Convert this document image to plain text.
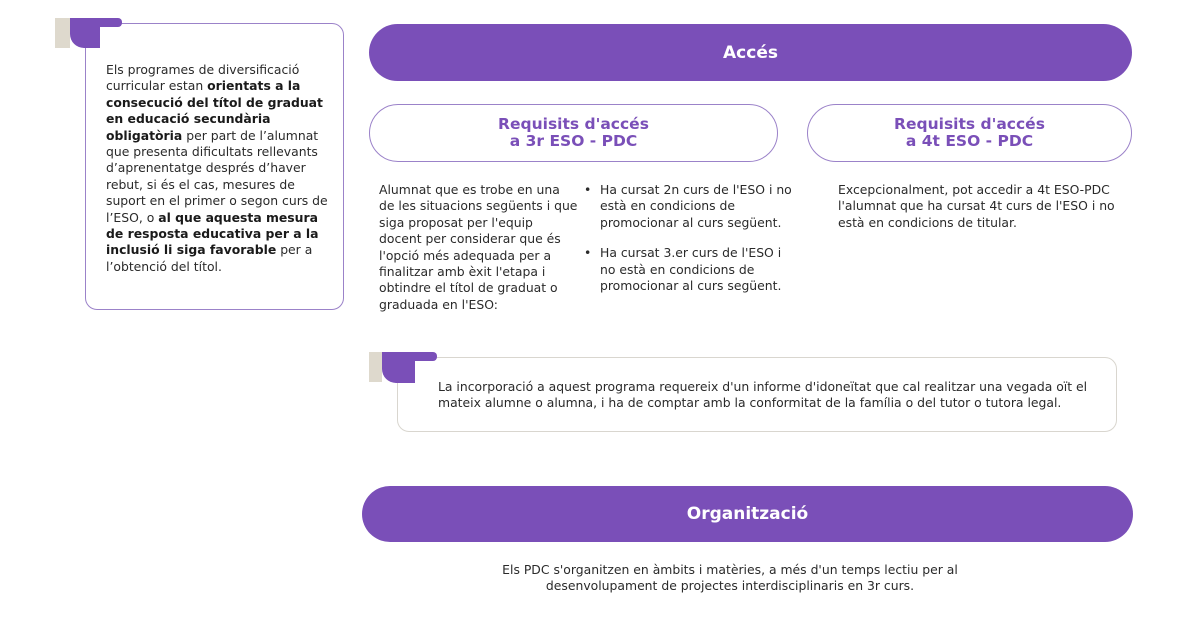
Els programes de diversificació curricular estan orientats a la consecució del títol de graduat en educació secundària obligatòria per part de l’alumnat que presenta dificultats rellevants d’aprenentatge després d’haver rebut, si és el cas, mesures de suport en el primer o segon curs de l’ESO, o al que aquesta mesura de resposta educativa per a la inclusió li siga favorable per a l’obtenció del títol.

Accés
Requisits d'accés
a 3r ESO - PDC
Requisits d'accés
a 4t ESO - PDC

Alumnat que es trobe en una de les situacions següents i que siga proposat per l'equip docent per considerar que és l'opció més adequada per a finalitzar amb èxit l'etapa i obtindre el títol de graduat o graduada en l'ESO:

• Ha cursat 2n curs de l'ESO i no està en condicions de promocionar al curs següent.
• Ha cursat 3.er curs de l'ESO i no està en condicions de promocionar al curs següent.

Excepcionalment, pot accedir a 4t ESO-PDC l'alumnat que ha cursat 4t curs de l'ESO i no està en condicions de titular.

La incorporació a aquest programa requereix d'un informe d'idoneïtat que cal realitzar una vegada oït el mateix alumne o alumna, i ha de comptar amb la conformitat de la família o del tutor o tutora legal.

Organització

Els PDC s'organitzen en àmbits i matèries, a més d'un temps lectiu per al desenvolupament de projectes interdisciplinaris en 3r curs.
